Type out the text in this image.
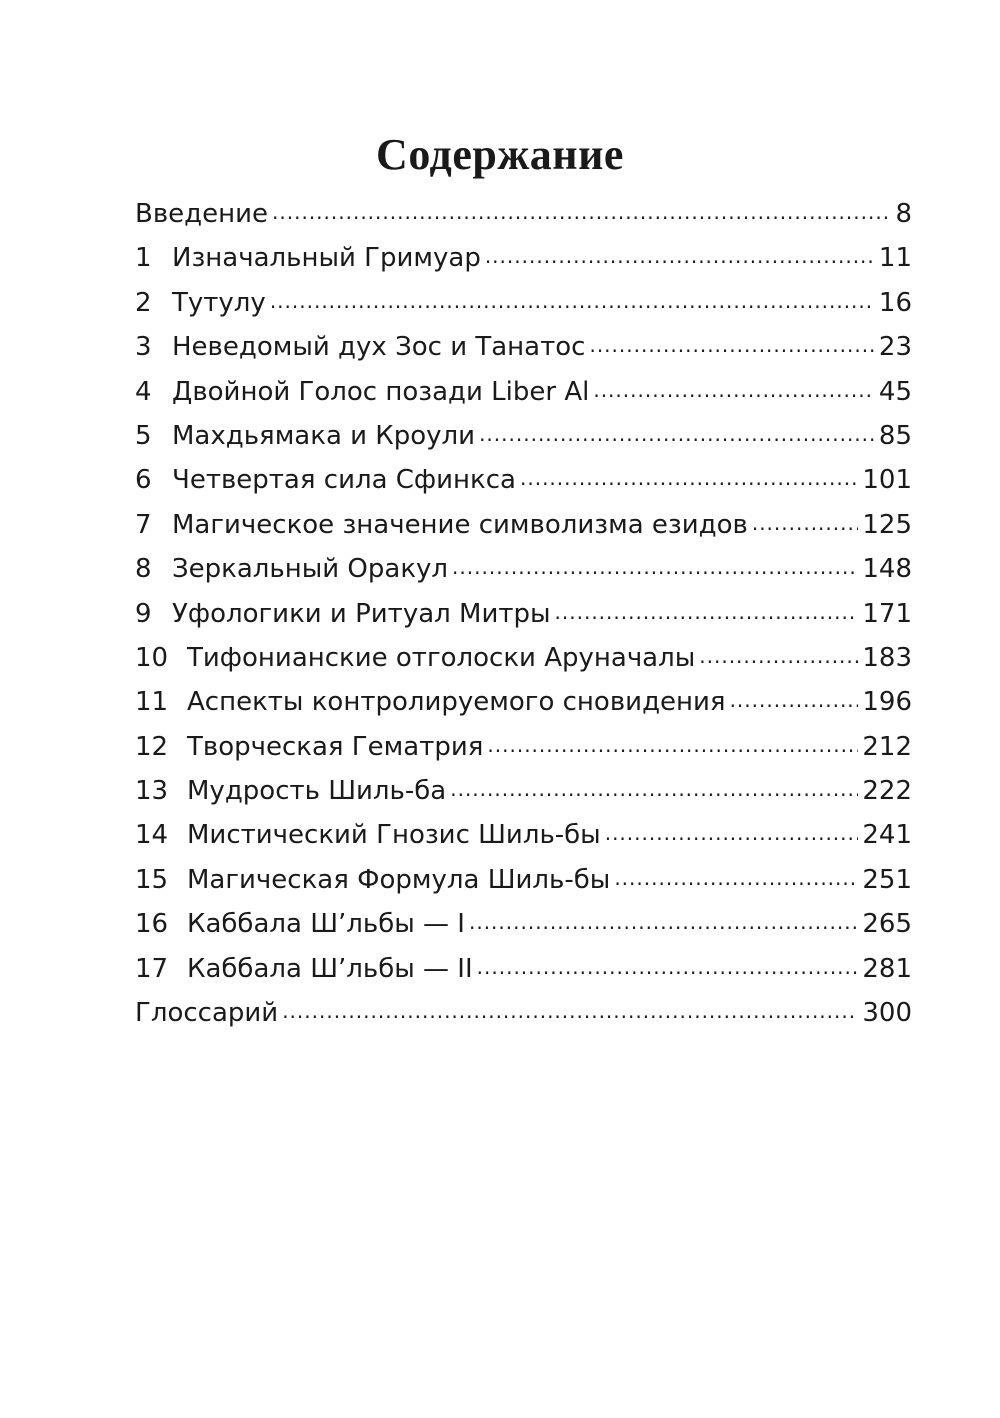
Содержание
Введение .....	8
1 Изначальный Гримуар .....	11
2 Тутулу .....	16
3 Неведомый дух Зос и Танатос .....	23
4 Двойной Голос позади Liber Al .....	45
5 Махдьямака и Кроули .....	85
6 Четвертая сила Сфинкса .....	101
7 Магическое значение символизма езидов .....	125
8 Зеркальный Оракул .....	148
9 Уфологики и Ритуал Митры .....	171
10 Тифонианские отголоски Аруначалы .....	183
11 Аспекты контролируемого сновидения .....	196
12 Творческая Гематрия .....	212
13 Мудрость Шиль-ба .....	222
14 Мистический Гнозис Шиль-бы .....	241
15 Магическая Формула Шиль-бы .....	251
16 Каббала Ш’льбы — I .....	265
17 Каббала Ш’льбы — II .....	281
Глоссарий .....	300
